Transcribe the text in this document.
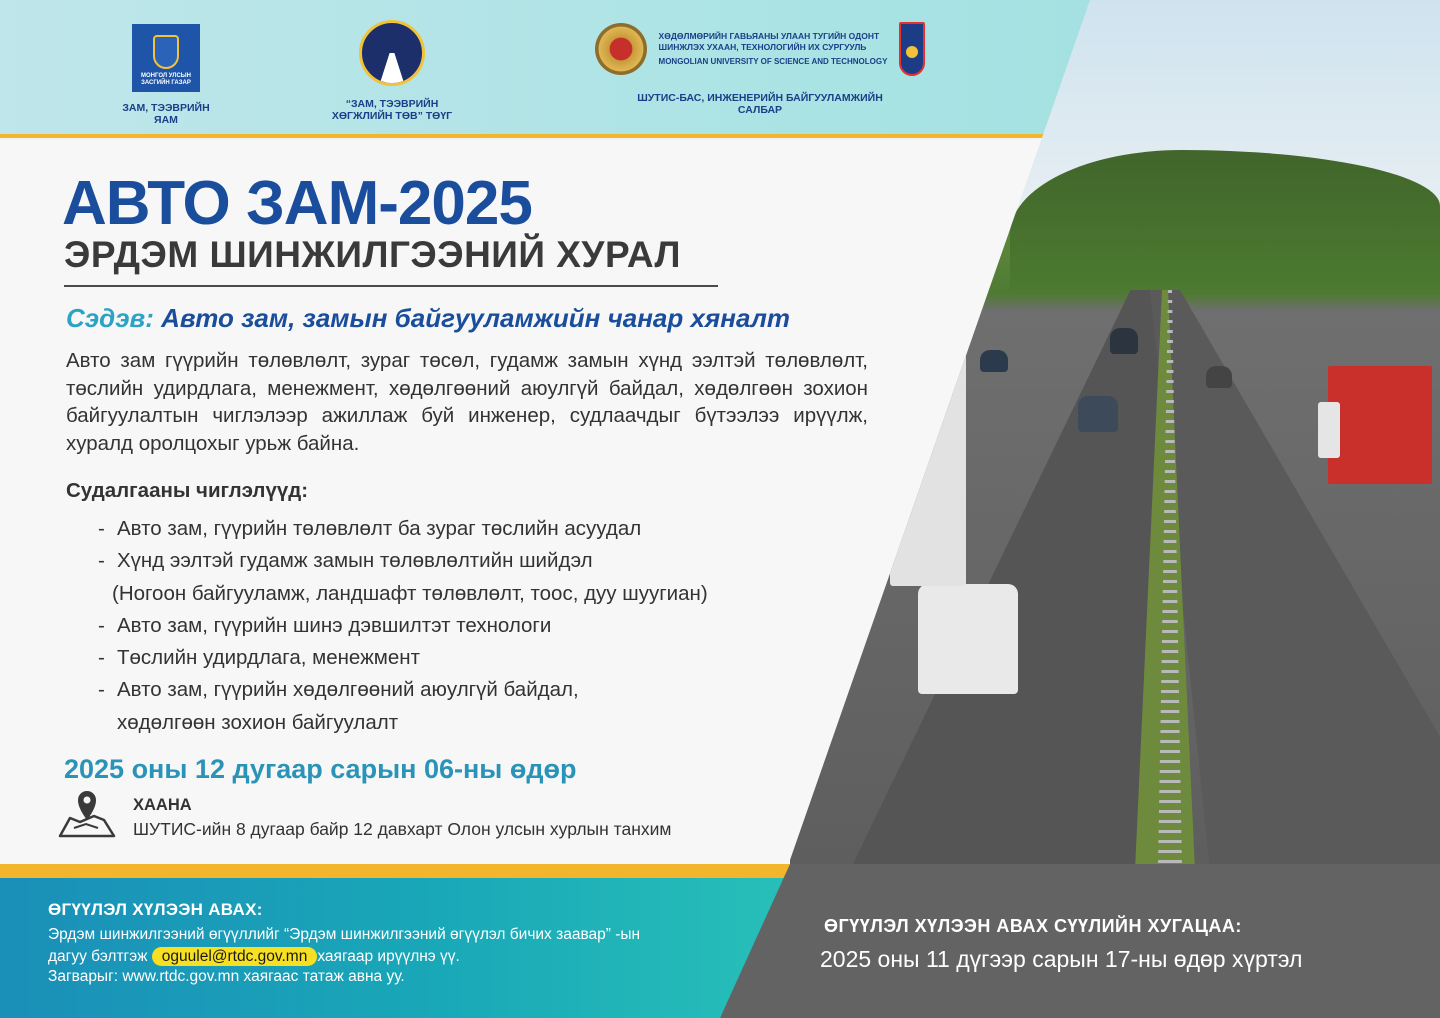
МОНГОЛ УЛСЫН ЗАСГИЙН ГАЗАР
ЗАМ, ТЭЭВРИЙН
ЯАМ
“ЗАМ, ТЭЭВРИЙН
ХӨГЖЛИЙН ТӨВ” ТӨҮГ
ХӨДӨЛМӨРИЙН ГАВЬЯАНЫ УЛААН ТУГИЙН ОДОНТ
ШИНЖЛЭХ УХААН, ТЕХНОЛОГИЙН ИХ СУРГУУЛЬ
MONGOLIAN UNIVERSITY OF SCIENCE AND TECHNOLOGY
ШУТИС-БАС, ИНЖЕНЕРИЙН БАЙГУУЛАМЖИЙН
САЛБАР
АВТО ЗАМ-2025
ЭРДЭМ ШИНЖИЛГЭЭНИЙ ХУРАЛ
Сэдэв: Авто зам, замын байгууламжийн чанар хяналт

Авто зам гүүрийн төлөвлөлт, зураг төсөл, гудамж замын хүнд ээлтэй төлөвлөлт, төслийн удирдлага, менежмент, хөдөлгөөний аюулгүй байдал, хөдөлгөөн зохион байгуулалтын чиглэлээр ажиллаж буй инженер, судлаачдыг бүтээлээ ирүүлж, хуралд оролцохыг урьж байна.

Судалгааны чиглэлүүд:
- Авто зам, гүүрийн төлөвлөлт ба зураг төслийн асуудал
- Хүнд ээлтэй гудамж замын төлөвлөлтийн шийдэл
(Ногоон байгууламж, ландшафт төлөвлөлт, тоос, дуу шуугиан)
- Авто зам, гүүрийн шинэ дэвшилтэт технологи
- Төслийн удирдлага, менежмент
- Авто зам, гүүрийн хөдөлгөөний аюулгүй байдал,
хөдөлгөөн зохион байгуулалт
2025 оны 12 дугаар сарын 06-ны өдөр
ХААНА
ШУТИС-ийн 8 дугаар байр 12 давхарт Олон улсын хурлын танхим
ӨГҮҮЛЭЛ ХҮЛЭЭН АВАХ:
Эрдэм шинжилгээний өгүүллийг “Эрдэм шинжилгээний өгүүлэл бичих заавар” -ын
дагуу бэлтгэж oguulel@rtdc.gov.mn хаягаар ирүүлнэ үү.
Загварыг: www.rtdc.gov.mn хаягаас татаж авна уу.
ӨГҮҮЛЭЛ ХҮЛЭЭН АВАХ СҮҮЛИЙН ХУГАЦАА:
2025 оны 11 дүгээр сарын 17-ны өдөр хүртэл
